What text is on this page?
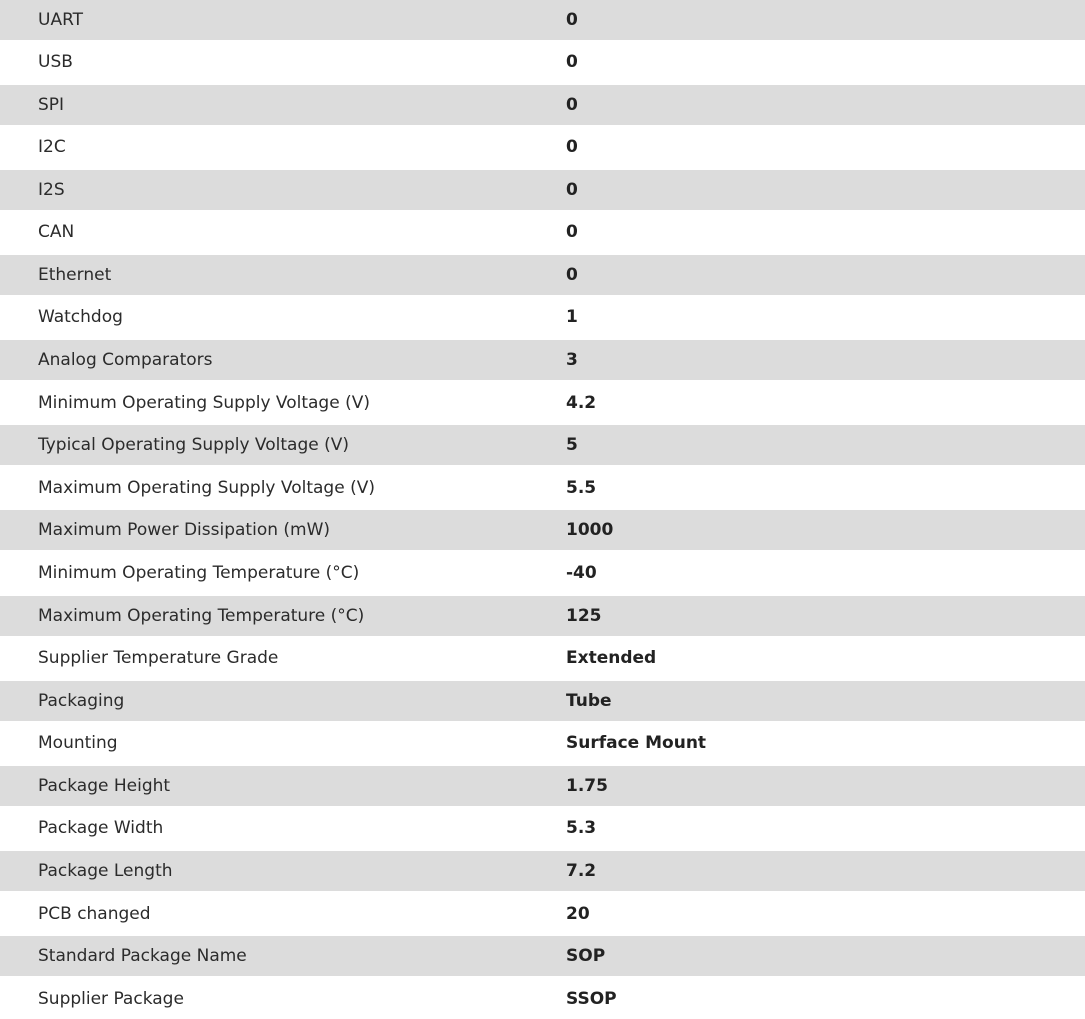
UART	0
USB	0
SPI	0
I2C	0
I2S	0
CAN	0
Ethernet	0
Watchdog	1
Analog Comparators	3
Minimum Operating Supply Voltage (V)	4.2
Typical Operating Supply Voltage (V)	5
Maximum Operating Supply Voltage (V)	5.5
Maximum Power Dissipation (mW)	1000
Minimum Operating Temperature (°C)	-40
Maximum Operating Temperature (°C)	125
Supplier Temperature Grade	Extended
Packaging	Tube
Mounting	Surface Mount
Package Height	1.75
Package Width	5.3
Package Length	7.2
PCB changed	20
Standard Package Name	SOP
Supplier Package	SSOP
